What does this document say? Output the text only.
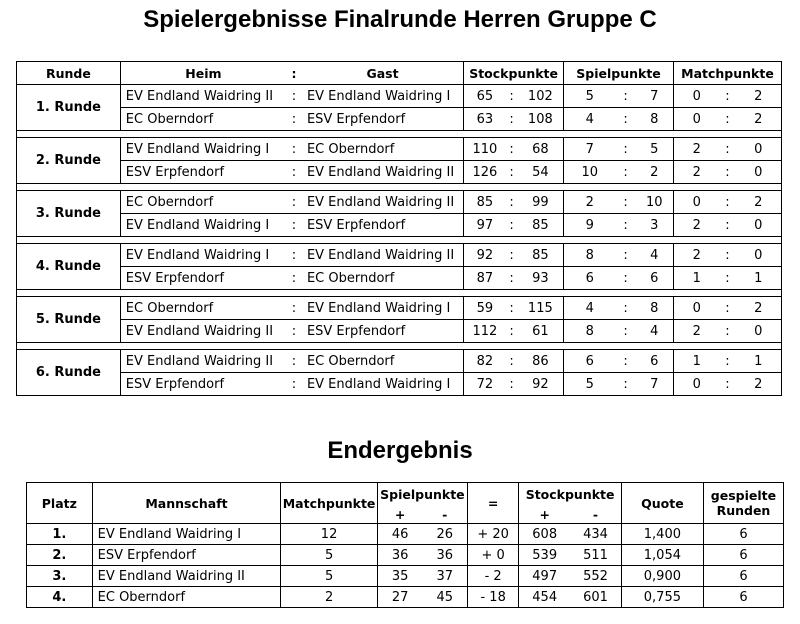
Spielergebnisse Finalrunde Herren Gruppe C
Runde	Heim	:	Gast	Stockpunkte			Spielpunkte			Matchpunkte		
1. Runde	EV Endland Waidring II	:	EV Endland Waidring I	65	:	102	5	:	7	0	:	2
	EC Oberndorf	:	ESV Erpfendorf	63	:	108	4	:	8	0	:	2

2. Runde	EV Endland Waidring I	:	EC Oberndorf	110	:	68	7	:	5	2	:	0
	ESV Erpfendorf	:	EV Endland Waidring II	126	:	54	10	:	2	2	:	0

3. Runde	EC Oberndorf	:	EV Endland Waidring II	85	:	99	2	:	10	0	:	2
	EV Endland Waidring I	:	ESV Erpfendorf	97	:	85	9	:	3	2	:	0

4. Runde	EV Endland Waidring I	:	EV Endland Waidring II	92	:	85	8	:	4	2	:	0
	ESV Erpfendorf	:	EC Oberndorf	87	:	93	6	:	6	1	:	1

5. Runde	EC Oberndorf	:	EV Endland Waidring I	59	:	115	4	:	8	0	:	2
	EV Endland Waidring II	:	ESV Erpfendorf	112	:	61	8	:	4	2	:	0

6. Runde	EV Endland Waidring II	:	EC Oberndorf	82	:	86	6	:	6	1	:	1
	ESV Erpfendorf	:	EV Endland Waidring I	72	:	92	5	:	7	0	:	2
Endergebnis
Platz	Mannschaft	Matchpunkte	Spielpunkte		=	Stockpunkte		Quote	gespielte
Runden

			+	-		+	-		
1.	EV Endland Waidring I	12	46	26	+ 20	608	434	1,400	6
2.	ESV Erpfendorf	5	36	36	+ 0	539	511	1,054	6
3.	EV Endland Waidring II	5	35	37	- 2	497	552	0,900	6
4.	EC Oberndorf	2	27	45	- 18	454	601	0,755	6
